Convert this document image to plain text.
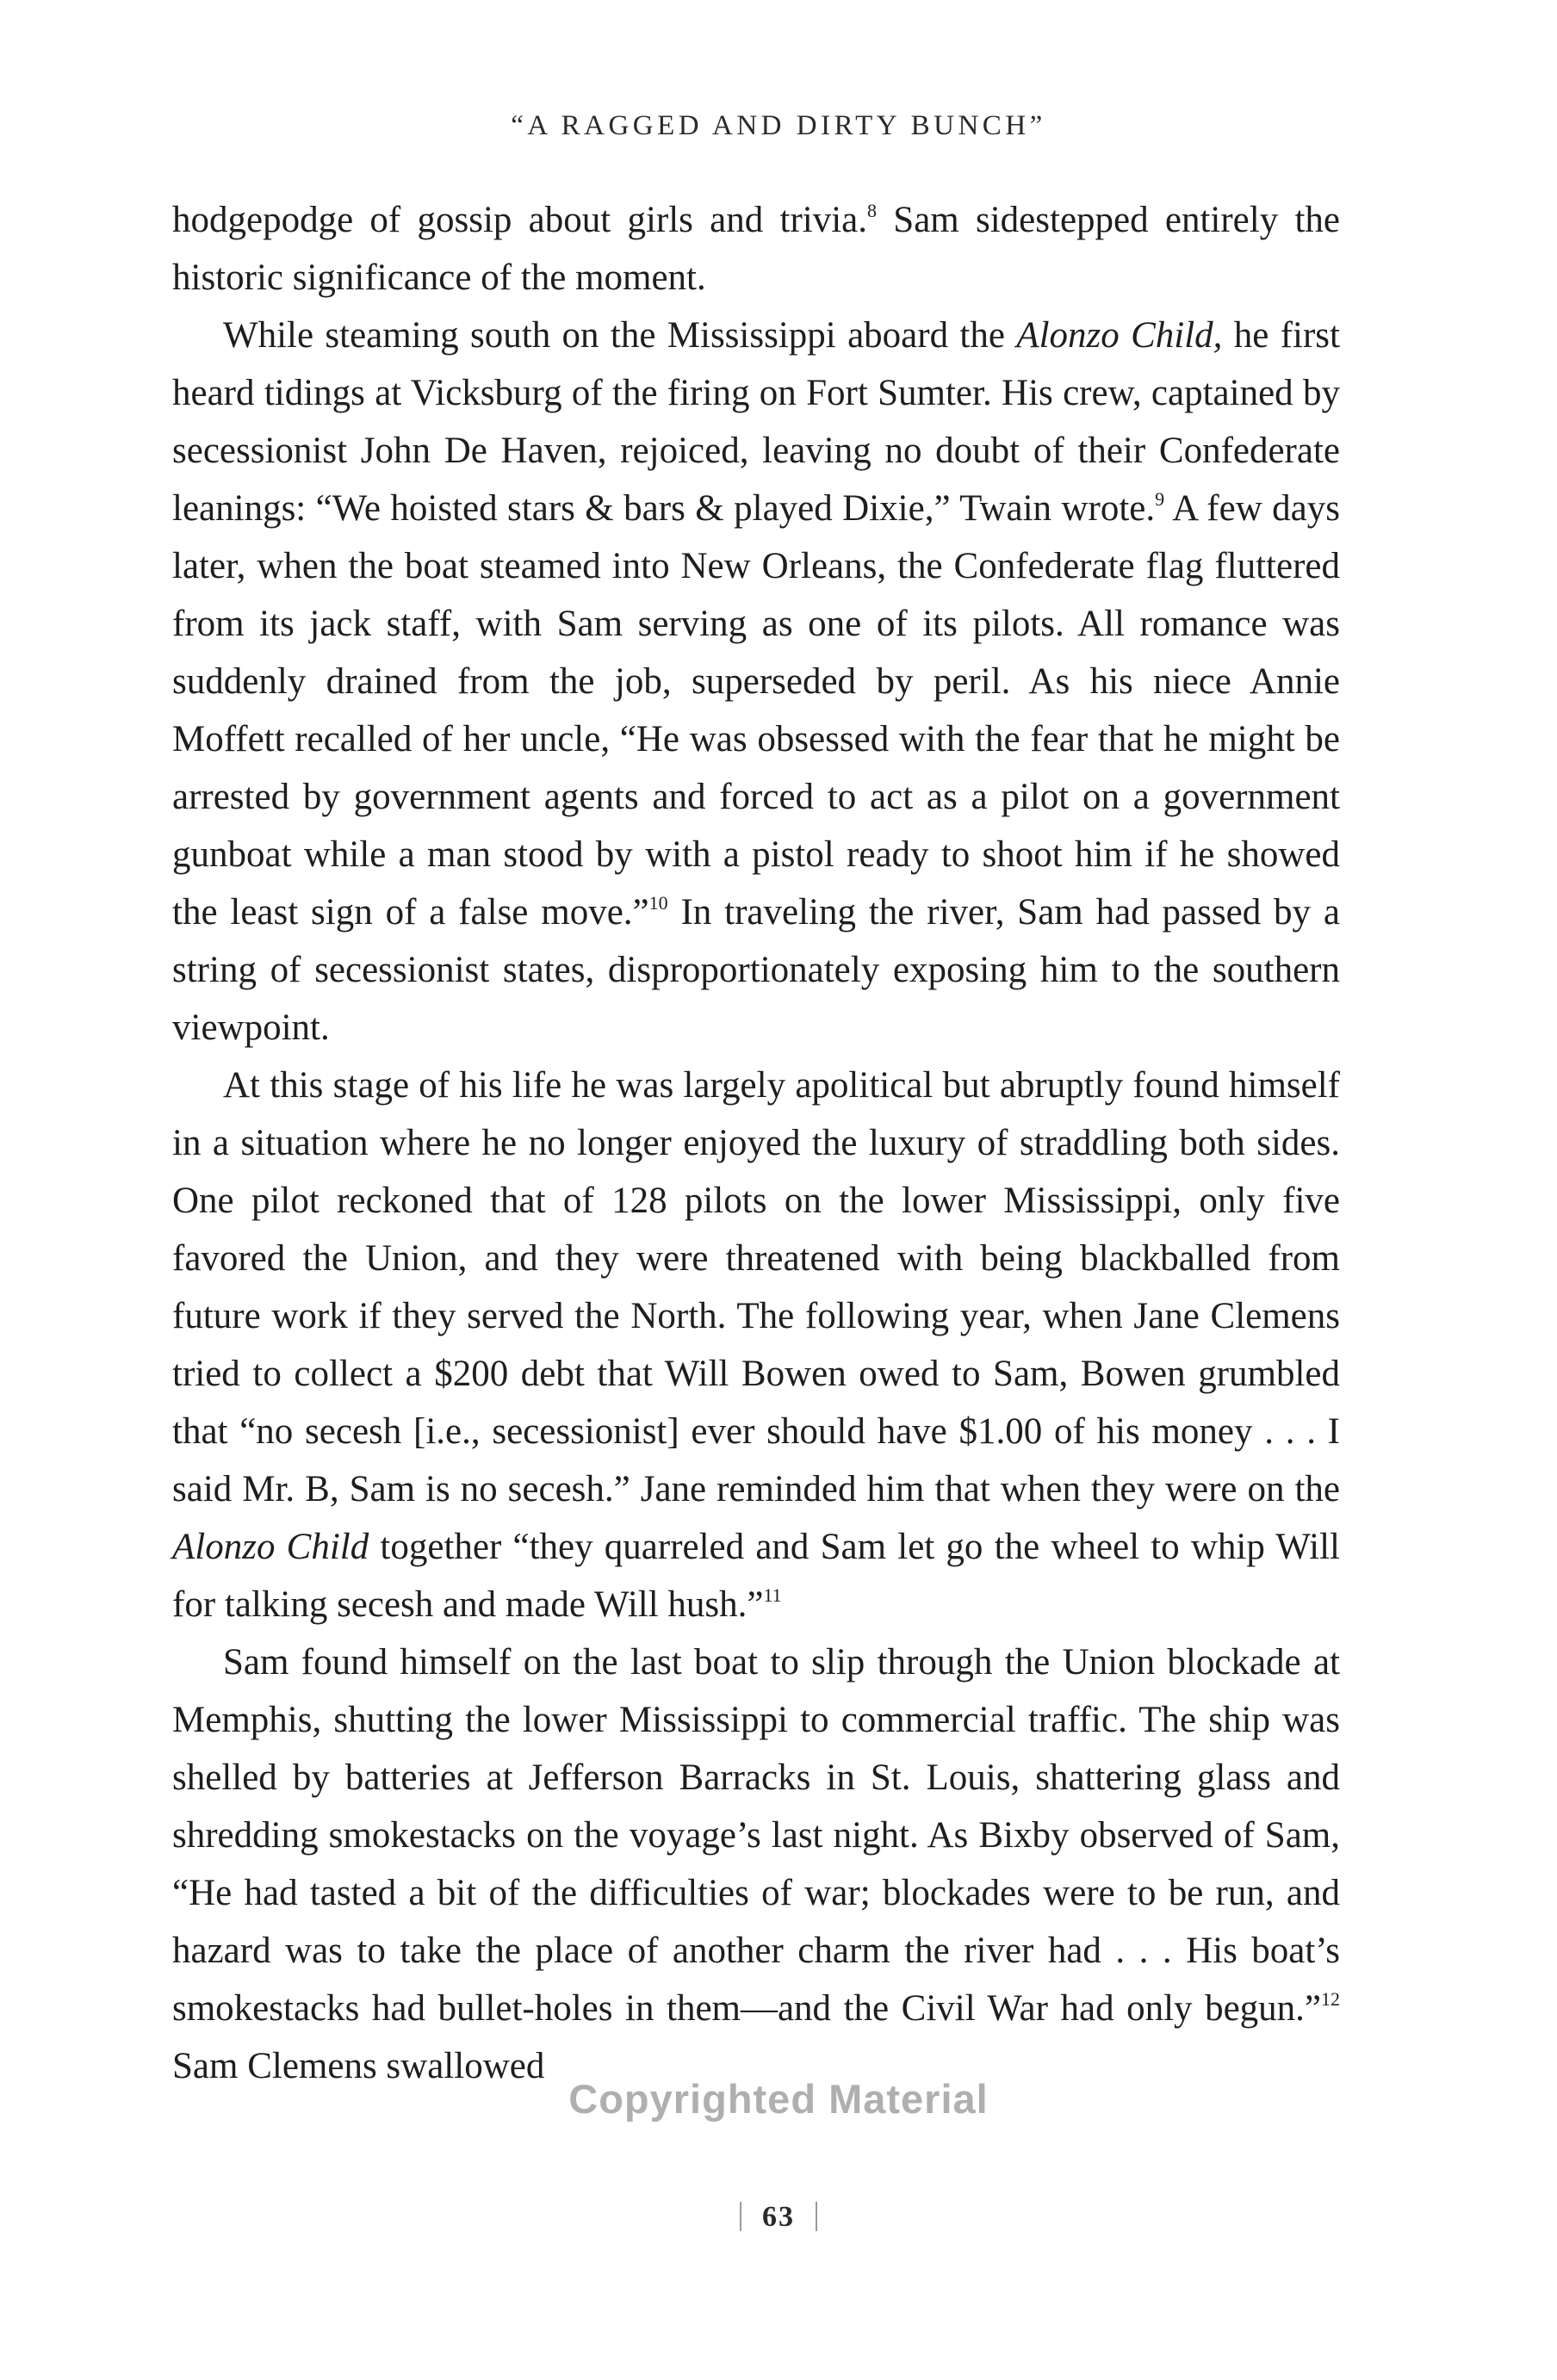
“A RAGGED AND DIRTY BUNCH”

hodgepodge of gossip about girls and trivia.$^8$ Sam sidestepped entirely the historic significance of the moment.

While steaming south on the Mississippi aboard the Alonzo Child, he first heard tidings at Vicksburg of the firing on Fort Sumter. His crew, captained by secessionist John De Haven, rejoiced, leaving no doubt of their Confederate leanings: “We hoisted stars & bars & played Dixie,” Twain wrote.$^9$ A few days later, when the boat steamed into New Orleans, the Confederate flag fluttered from its jack staff, with Sam serving as one of its pilots. All romance was suddenly drained from the job, superseded by peril. As his niece Annie Moffett recalled of her uncle, “He was obsessed with the fear that he might be arrested by government agents and forced to act as a pilot on a government gunboat while a man stood by with a pistol ready to shoot him if he showed the least sign of a false move.”$^{10}$ In traveling the river, Sam had passed by a string of secessionist states, disproportionately exposing him to the southern viewpoint.

At this stage of his life he was largely apolitical but abruptly found himself in a situation where he no longer enjoyed the luxury of straddling both sides. One pilot reckoned that of 128 pilots on the lower Mississippi, only five favored the Union, and they were threatened with being blackballed from future work if they served the North. The following year, when Jane Clemens tried to collect a $200 debt that Will Bowen owed to Sam, Bowen grumbled that “no secesh [i.e., secessionist] ever should have $1.00 of his money . . . I said Mr. B, Sam is no secesh.” Jane reminded him that when they were on the Alonzo Child together “they quarreled and Sam let go the wheel to whip Will for talking secesh and made Will hush.”$^{11}$

Sam found himself on the last boat to slip through the Union blockade at Memphis, shutting the lower Mississippi to commercial traffic. The ship was shelled by batteries at Jefferson Barracks in St. Louis, shattering glass and shredding smokestacks on the voyage’s last night. As Bixby observed of Sam, “He had tasted a bit of the difficulties of war; blockades were to be run, and hazard was to take the place of another charm the river had . . . His boat’s smokestacks had bullet-holes in them—and the Civil War had only begun.”$^{12}$ Sam Clemens swallowed

Copyrighted Material
63
